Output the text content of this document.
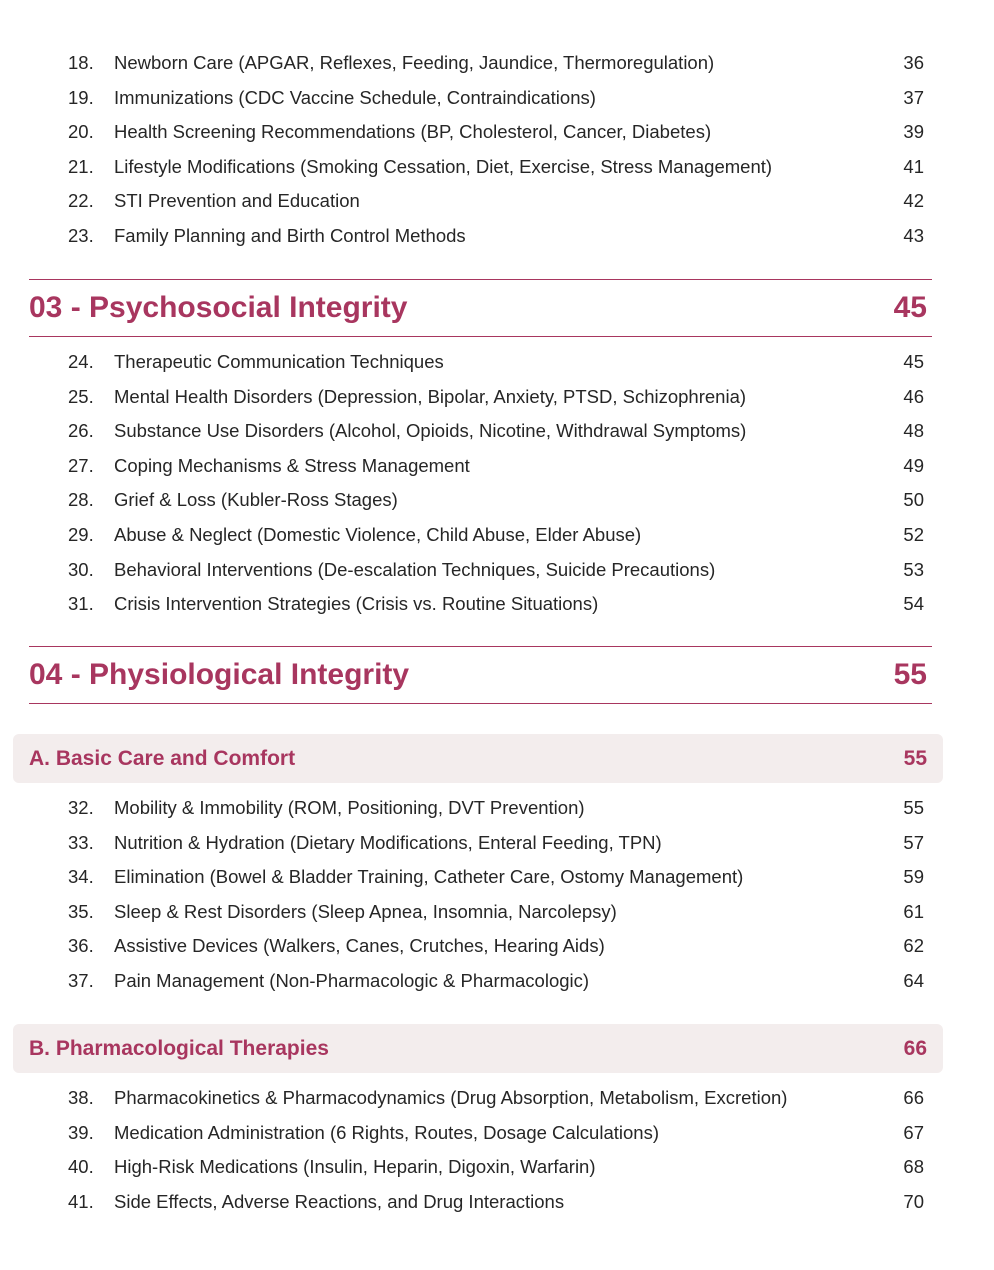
18. Newborn Care (APGAR, Reflexes, Feeding, Jaundice, Thermoregulation)	36
19. Immunizations (CDC Vaccine Schedule, Contraindications)	37
20. Health Screening Recommendations (BP, Cholesterol, Cancer, Diabetes)	39
21. Lifestyle Modifications (Smoking Cessation, Diet, Exercise, Stress Management)	41
22. STI Prevention and Education	42
23. Family Planning and Birth Control Methods	43
03 - Psychosocial Integrity	45
24. Therapeutic Communication Techniques	45
25. Mental Health Disorders (Depression, Bipolar, Anxiety, PTSD, Schizophrenia)	46
26. Substance Use Disorders (Alcohol, Opioids, Nicotine, Withdrawal Symptoms)	48
27. Coping Mechanisms & Stress Management	49
28. Grief & Loss (Kubler-Ross Stages)	50
29. Abuse & Neglect (Domestic Violence, Child Abuse, Elder Abuse)	52
30. Behavioral Interventions (De-escalation Techniques, Suicide Precautions)	53
31. Crisis Intervention Strategies (Crisis vs. Routine Situations)	54
04 - Physiological Integrity	55
A. Basic Care and Comfort	55
32. Mobility & Immobility (ROM, Positioning, DVT Prevention)	55
33. Nutrition & Hydration (Dietary Modifications, Enteral Feeding, TPN)	57
34. Elimination (Bowel & Bladder Training, Catheter Care, Ostomy Management)	59
35. Sleep & Rest Disorders (Sleep Apnea, Insomnia, Narcolepsy)	61
36. Assistive Devices (Walkers, Canes, Crutches, Hearing Aids)	62
37. Pain Management (Non-Pharmacologic & Pharmacologic)	64
B. Pharmacological Therapies	66
38. Pharmacokinetics & Pharmacodynamics (Drug Absorption, Metabolism, Excretion)	66
39. Medication Administration (6 Rights, Routes, Dosage Calculations)	67
40. High-Risk Medications (Insulin, Heparin, Digoxin, Warfarin)	68
41. Side Effects, Adverse Reactions, and Drug Interactions	70
